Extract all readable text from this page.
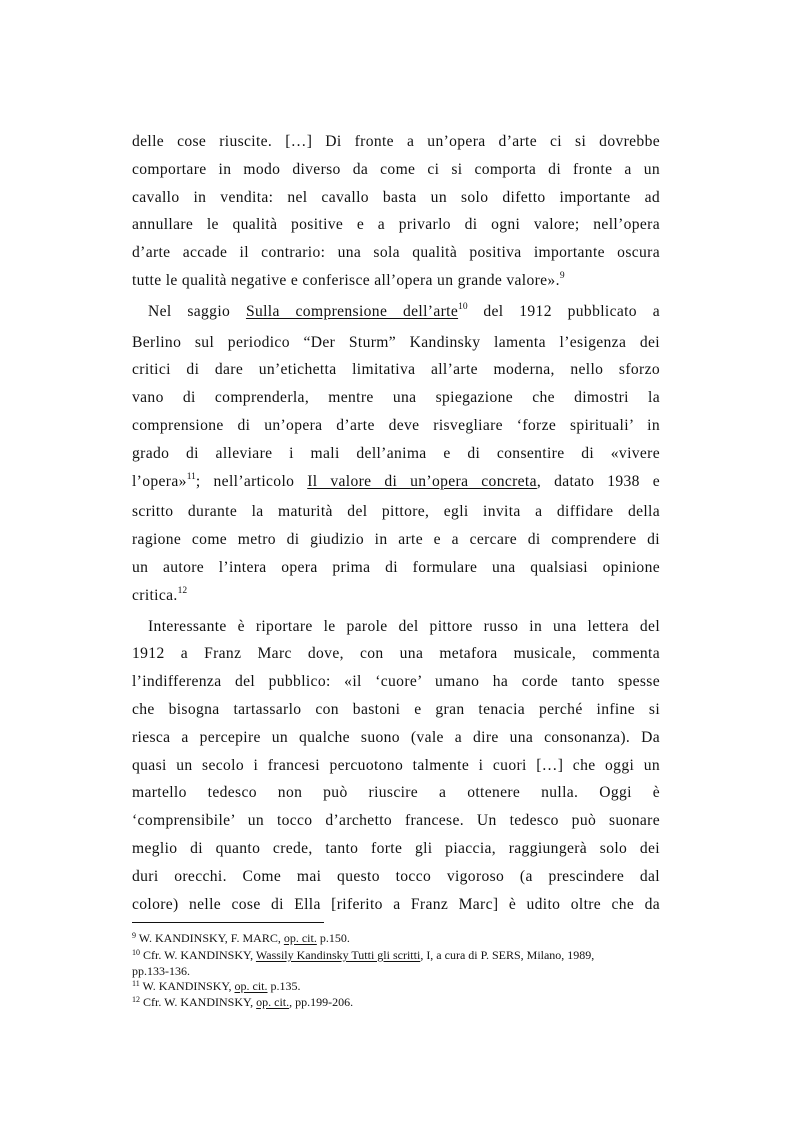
delle cose riuscite. […] Di fronte a un’opera d’arte ci si dovrebbe
comportare in modo diverso da come ci si comporta di fronte a un
cavallo in vendita: nel cavallo basta un solo difetto importante ad
annullare le qualità positive e a privarlo di ogni valore; nell’opera
d’arte accade il contrario: una sola qualità positiva importante oscura
tutte le qualità negative e conferisce all’opera un grande valore».$^9$
Nel saggio Sulla comprensione dell’arte$^{10}$ del 1912 pubblicato a
Berlino sul periodico “Der Sturm” Kandinsky lamenta l’esigenza dei
critici di dare un’etichetta limitativa all’arte moderna, nello sforzo
vano di comprenderla, mentre una spiegazione che dimostri la
comprensione di un’opera d’arte deve risvegliare ‘forze spirituali’ in
grado di alleviare i mali dell’anima e di consentire di «vivere
l’opera»$^{11}$; nell’articolo Il valore di un’opera concreta, datato 1938 e
scritto durante la maturità del pittore, egli invita a diffidare della
ragione come metro di giudizio in arte e a cercare di comprendere di
un autore l’intera opera prima di formulare una qualsiasi opinione
critica.$^{12}$
Interessante è riportare le parole del pittore russo in una lettera del
1912 a Franz Marc dove, con una metafora musicale, commenta
l’indifferenza del pubblico: «il ‘cuore’ umano ha corde tanto spesse
che bisogna tartassarlo con bastoni e gran tenacia perché infine si
riesca a percepire un qualche suono (vale a dire una consonanza). Da
quasi un secolo i francesi percuotono talmente i cuori […] che oggi un
martello tedesco non può riuscire a ottenere nulla. Oggi è
‘comprensibile’ un tocco d’archetto francese. Un tedesco può suonare
meglio di quanto crede, tanto forte gli piaccia, raggiungerà solo dei
duri orecchi. Come mai questo tocco vigoroso (a prescindere dal
colore) nelle cose di Ella [riferito a Franz Marc] è udito oltre che da
$^9$ W. KANDINSKY, F. MARC, op. cit. p.150.
$^{10}$ Cfr. W. KANDINSKY, Wassily Kandinsky Tutti gli scritti, I, a cura di P. SERS, Milano, 1989,
pp.133-136.
$^{11}$ W. KANDINSKY, op. cit. p.135.
$^{12}$ Cfr. W. KANDINSKY, op. cit., pp.199-206.
